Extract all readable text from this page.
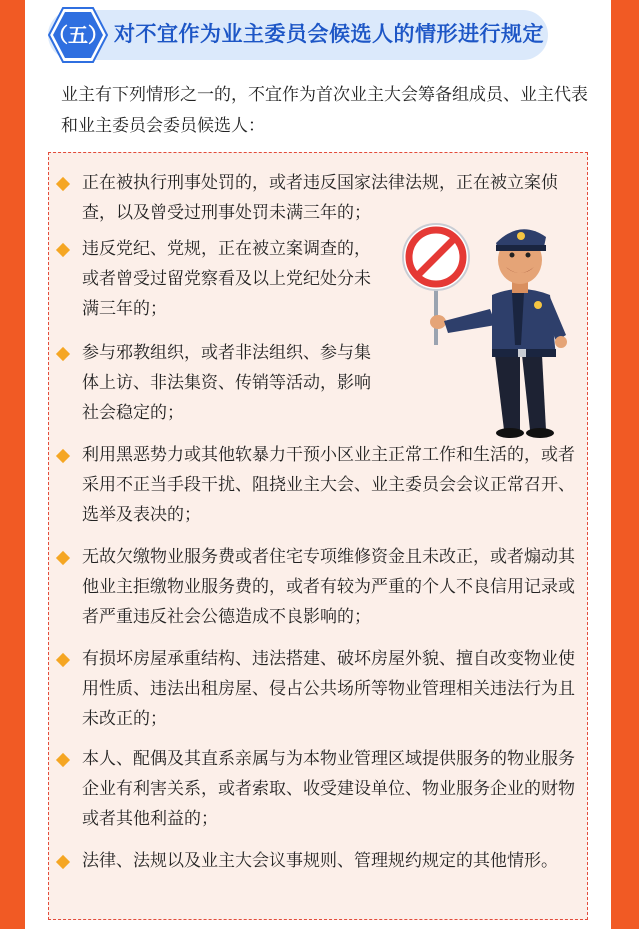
（五） 对不宜作为业主委员会候选人的情形进行规定
业主有下列情形之一的，不宜作为首次业主大会筹备组成员、业主代表和业主委员会委员候选人：
正在被执行刑事处罚的，或者违反国家法律法规，正在被立案侦查，以及曾受过刑事处罚未满三年的；
违反党纪、党规，正在被立案调查的，或者曾受过留党察看及以上党纪处分未满三年的；
参与邪教组织，或者非法组织、参与集体上访、非法集资、传销等活动，影响社会稳定的；
利用黑恶势力或其他软暴力干预小区业主正常工作和生活的，或者采用不正当手段干扰、阻挠业主大会、业主委员会会议正常召开、选举及表决的；
无故欠缴物业服务费或者住宅专项维修资金且未改正，或者煽动其他业主拒缴物业服务费的，或者有较为严重的个人不良信用记录或者严重违反社会公德造成不良影响的；
有损坏房屋承重结构、违法搭建、破坏房屋外貌、擅自改变物业使用性质、违法出租房屋、侵占公共场所等物业管理相关违法行为且未改正的；
本人、配偶及其直系亲属与为本物业管理区域提供服务的物业服务企业有利害关系，或者索取、收受建设单位、物业服务企业的财物或者其他利益的；
法律、法规以及业主大会议事规则、管理规约规定的其他情形。
